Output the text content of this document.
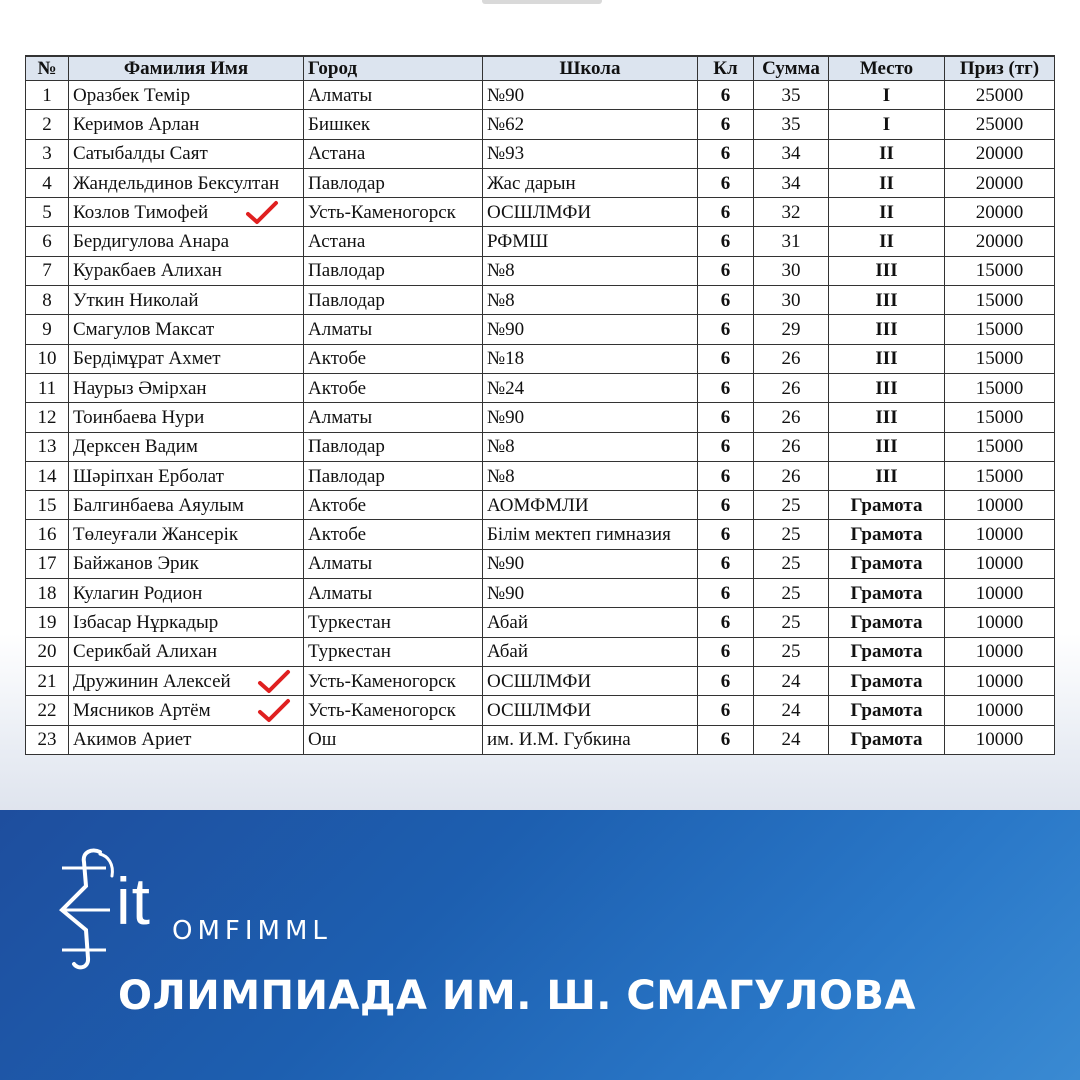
№	Фамилия Имя	Город	Школа	Кл	Сумма	Место	Приз (тг)
1	Оразбек Темір	Алматы	№90	6	35	I	25000
2	Керимов Арлан	Бишкек	№62	6	35	I	25000
3	Сатыбалды Саят	Астана	№93	6	34	II	20000
4	Жандельдинов Бексултан	Павлодар	Жас дарын	6	34	II	20000
5	Козлов Тимофей	Усть-Каменогорск	ОСШЛМФИ	6	32	II	20000
6	Бердигулова Анара	Астана	РФМШ	6	31	II	20000
7	Куракбаев Алихан	Павлодар	№8	6	30	III	15000
8	Уткин Николай	Павлодар	№8	6	30	III	15000
9	Смагулов Максат	Алматы	№90	6	29	III	15000
10	Бердімұрат Ахмет	Актобе	№18	6	26	III	15000
11	Наурыз Әмірхан	Актобе	№24	6	26	III	15000
12	Тоинбаева Нури	Алматы	№90	6	26	III	15000
13	Дерксен Вадим	Павлодар	№8	6	26	III	15000
14	Шәріпхан Ерболат	Павлодар	№8	6	26	III	15000
15	Балгинбаева Аяулым	Актобе	АОМФМЛИ	6	25	Грамота	10000
16	Төлеуғали Жансерік	Актобе	Білім мектеп гимназия	6	25	Грамота	10000
17	Байжанов Эрик	Алматы	№90	6	25	Грамота	10000
18	Кулагин Родион	Алматы	№90	6	25	Грамота	10000
19	Ізбасар Нұркадыр	Туркестан	Абай	6	25	Грамота	10000
20	Серикбай Алихан	Туркестан	Абай	6	25	Грамота	10000
21	Дружинин Алексей	Усть-Каменогорск	ОСШЛМФИ	6	24	Грамота	10000
22	Мясников Артём	Усть-Каменогорск	ОСШЛМФИ	6	24	Грамота	10000
23	Акимов Ариет	Ош	им. И.М. Губкина	6	24	Грамота	10000
it OMFIMML
ОЛИМПИАДА ИМ. Ш. СМАГУЛОВА
